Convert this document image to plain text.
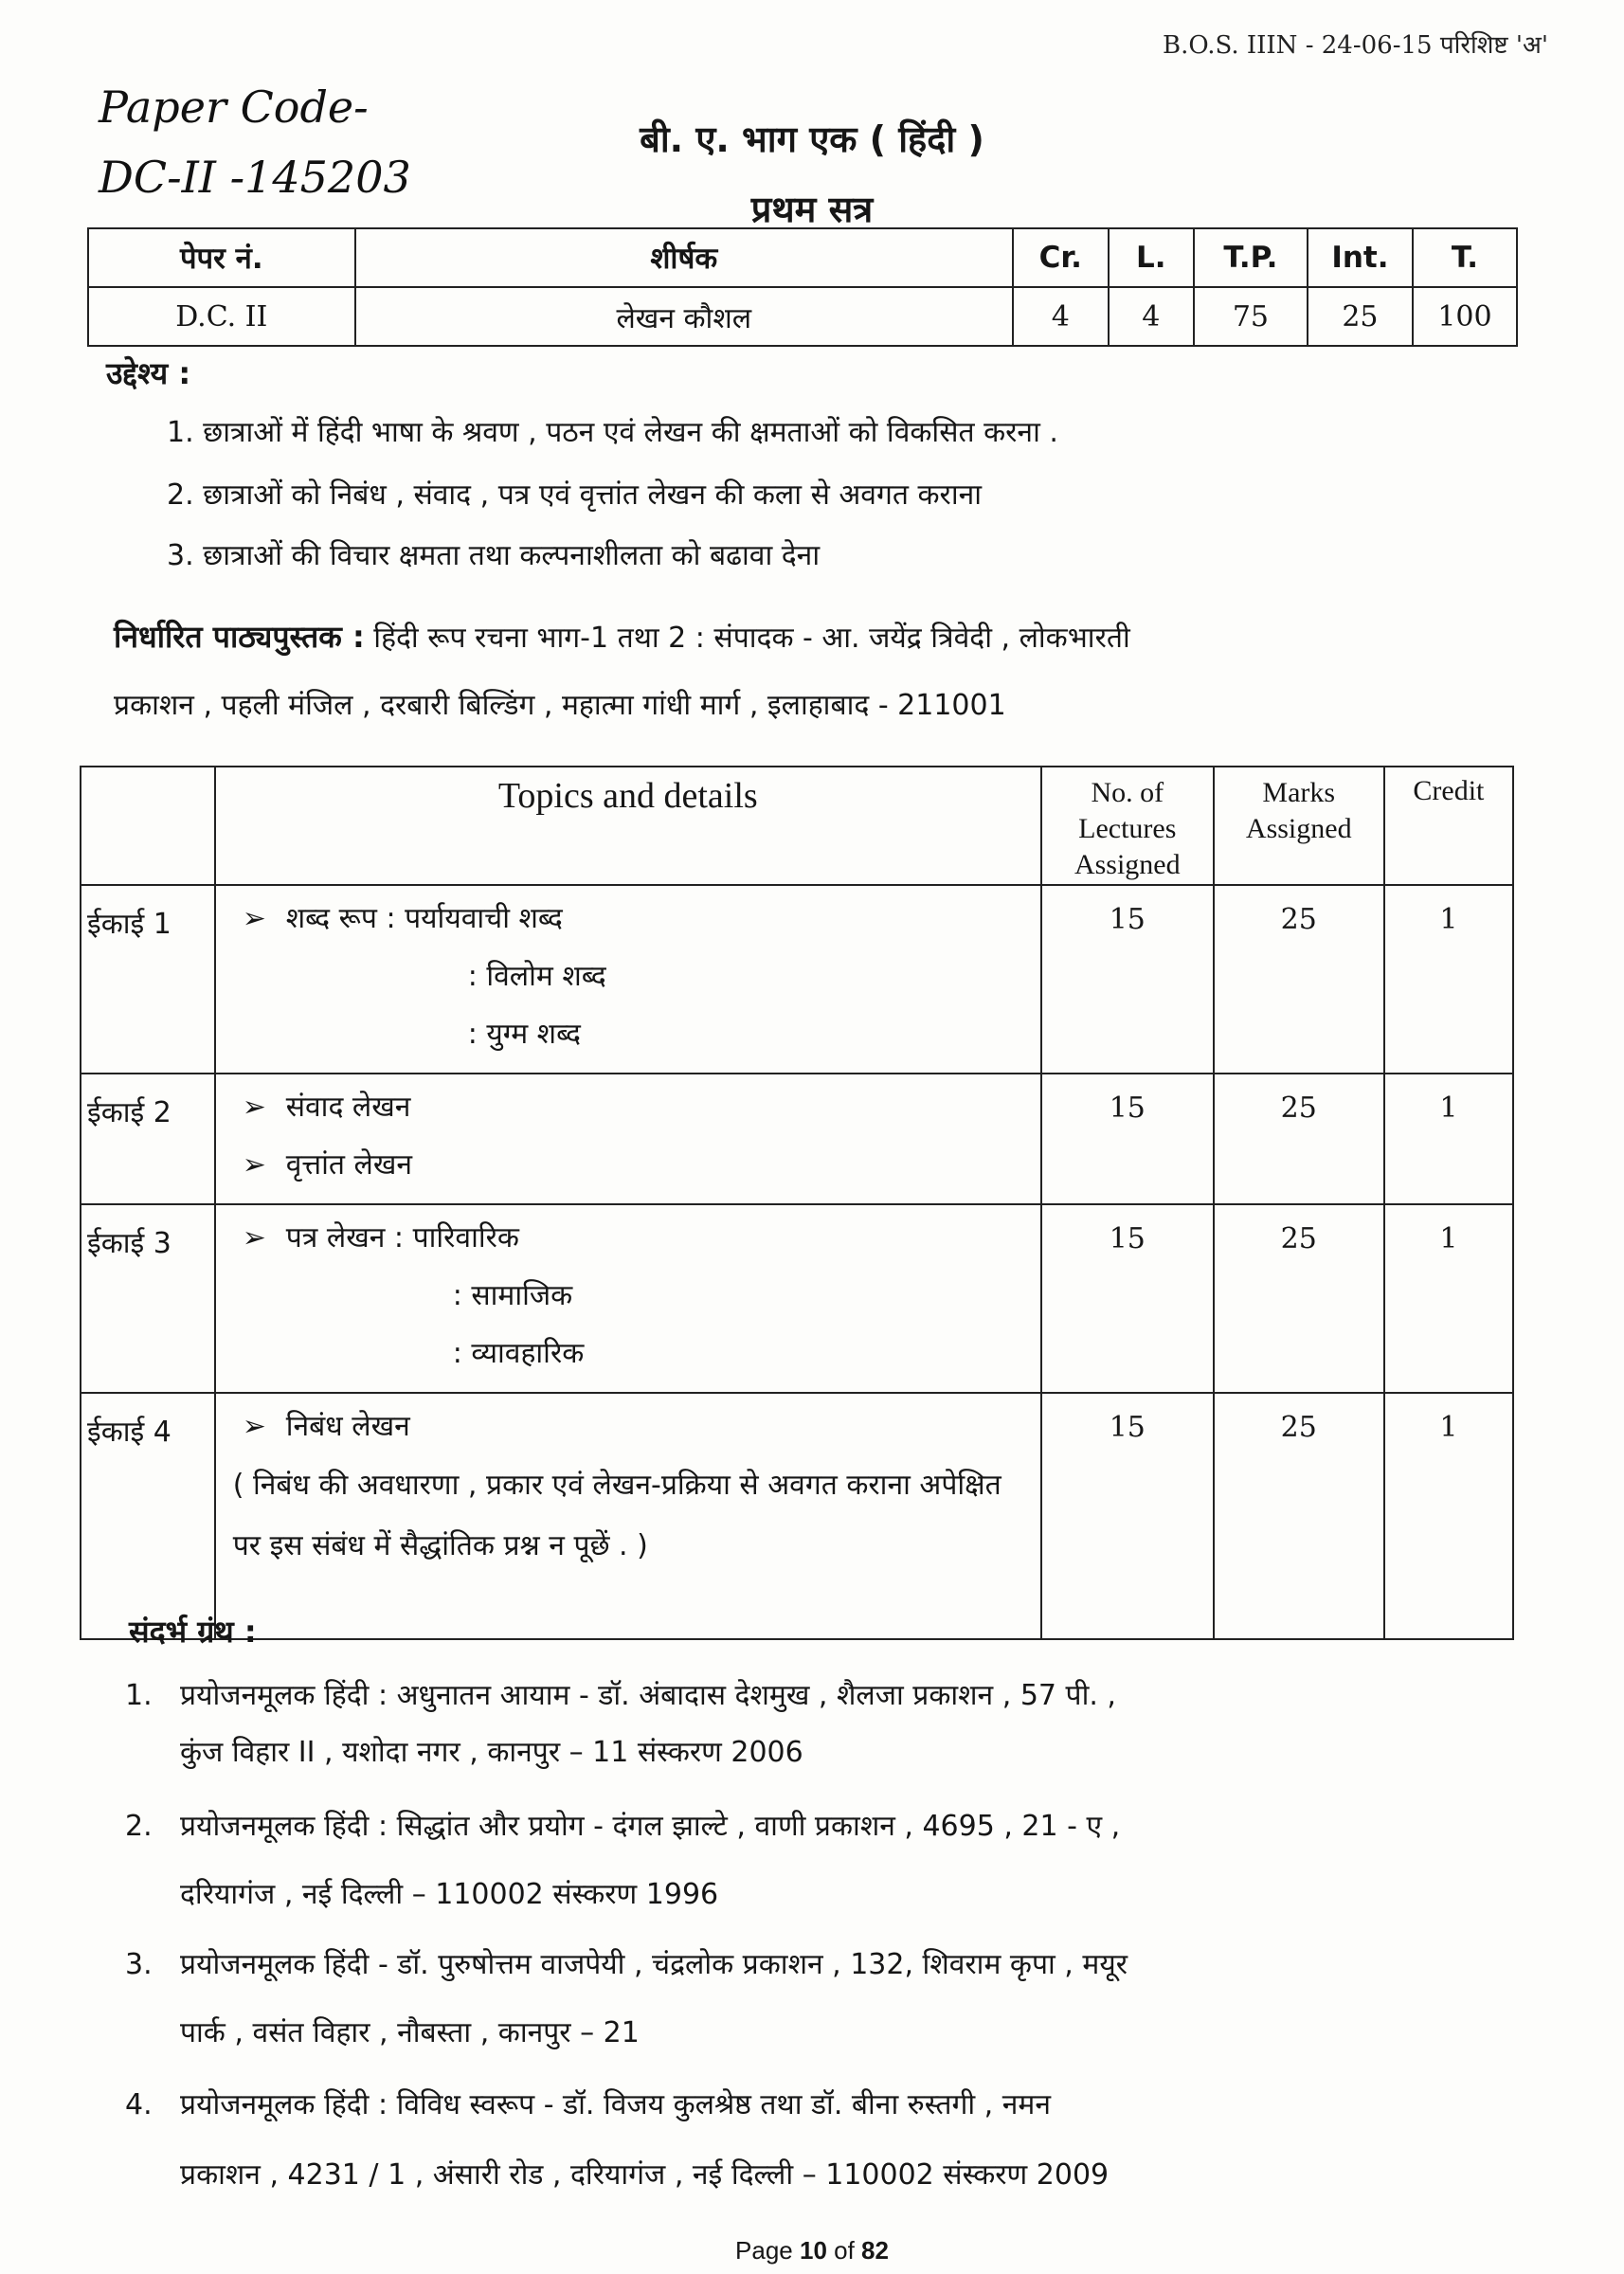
Paper Code-
DC-II -145203
B.O.S. IIIN - 24-06-15 परिशिष्ट 'अ'
बी. ए. भाग एक ( हिंदी )
प्रथम सत्र
पेपर नं.	शीर्षक	Cr.	L.	T.P.	Int.	T.
D.C. II	लेखन कौशल	4	4	75	25	100
उद्देश्य :
1. छात्राओं में हिंदी भाषा के श्रवण , पठन एवं लेखन की क्षमताओं को विकसित करना .
2. छात्राओं को निबंध , संवाद , पत्र एवं वृत्तांत लेखन की कला से अवगत कराना
3. छात्राओं की विचार क्षमता तथा कल्पनाशीलता को बढावा देना
निर्धारित पाठ्यपुस्तक : हिंदी रूप रचना भाग-1 तथा 2 : संपादक - आ. जयेंद्र त्रिवेदी , लोकभारती
प्रकाशन , पहली मंजिल , दरबारी बिल्डिंग , महात्मा गांधी मार्ग , इलाहाबाद - 211001
	Topics and details	No. of Lectures Assigned	Marks Assigned	Credit
ईकाई 1	➢ शब्द रूप : पर्यायवाची शब्द
: विलोम शब्द
: युग्म शब्द	15	25	1
ईकाई 2	➢ संवाद लेखन
➢ वृत्तांत लेखन	15	25	1
ईकाई 3	➢ पत्र लेखन : पारिवारिक
: सामाजिक
: व्यावहारिक	15	25	1
ईकाई 4	➢ निबंध लेखन
( निबंध की अवधारणा , प्रकार एवं लेखन-प्रक्रिया से अवगत कराना अपेक्षित पर इस संबंध में सैद्धांतिक प्रश्न न पूछें . )	15	25	1
संदर्भ ग्रंथ :
1. प्रयोजनमूलक हिंदी : अधुनातन आयाम - डॉ. अंबादास देशमुख , शैलजा प्रकाशन , 57 पी. ,
कुंज विहार II , यशोदा नगर , कानपुर – 11 संस्करण 2006
2. प्रयोजनमूलक हिंदी : सिद्धांत और प्रयोग - दंगल झाल्टे , वाणी प्रकाशन , 4695 , 21 - ए ,
दरियागंज , नई दिल्ली – 110002 संस्करण 1996
3. प्रयोजनमूलक हिंदी - डॉ. पुरुषोत्तम वाजपेयी , चंद्रलोक प्रकाशन , 132, शिवराम कृपा , मयूर
पार्क , वसंत विहार , नौबस्ता , कानपुर – 21
4. प्रयोजनमूलक हिंदी : विविध स्वरूप - डॉ. विजय कुलश्रेष्ठ तथा डॉ. बीना रुस्तगी , नमन
प्रकाशन , 4231 / 1 , अंसारी रोड , दरियागंज , नई दिल्ली – 110002 संस्करण 2009
Page 10 of 82
